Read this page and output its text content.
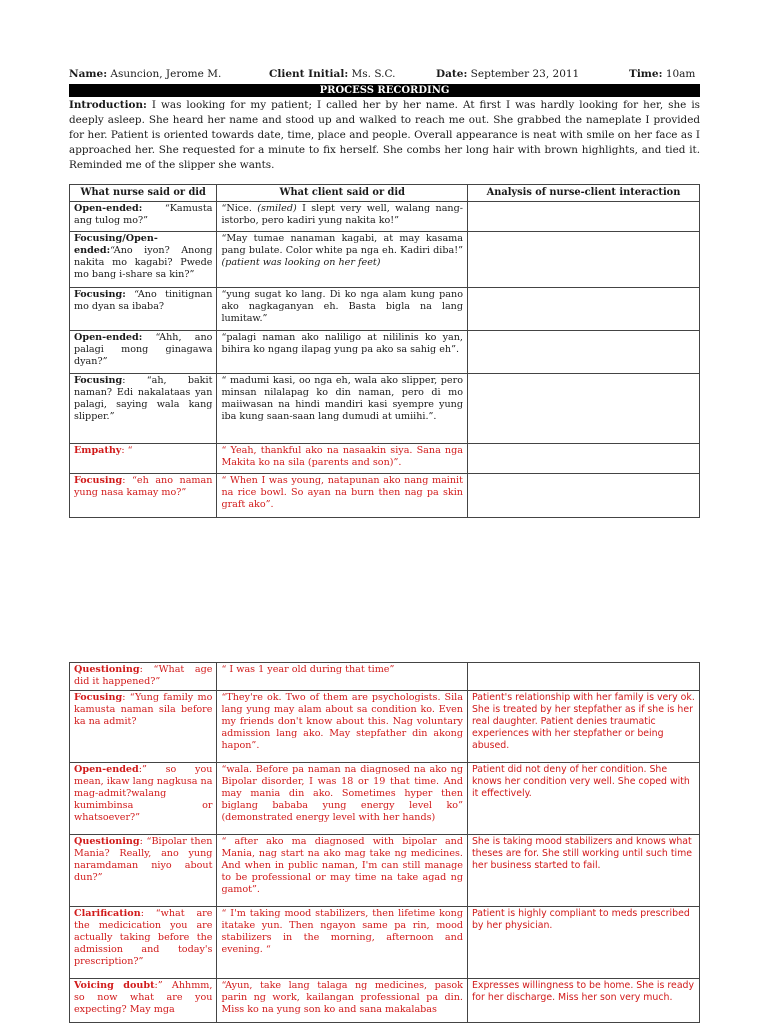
Name: Asuncion, Jerome M.	Client Initial: Ms. S.C.	Date: September 23, 2011	Time: 10am
PROCESS RECORDING
Introduction: I was looking for my patient; I called her by her name. At first I was hardly looking for her, she is deeply asleep. She heard her name and stood up and walked to reach me out. She grabbed the nameplate I provided for her. Patient is oriented towards date, time, place and people. Overall appearance is neat with smile on her face as I approached her. She requested for a minute to fix herself. She combs her long hair with brown highlights, and tied it. Reminded me of the slipper she wants.
What nurse said or did	What client said or did	Analysis of nurse-client interaction
Open-ended: “Kamusta ang tulog mo?”	“Nice. (smiled) I slept very well, walang nang-istorbo, pero kadiri yung nakita ko!”	
Focusing/Open-ended:“Ano iyon? Anong nakita mo kagabi? Pwede mo bang i-share sa kin?”	“May tumae nanaman kagabi, at may kasama pang bulate. Color white pa nga eh. Kadiri diba!” (patient was looking on her feet)	
Focusing: “Ano tinitignan mo dyan sa ibaba?	“yung sugat ko lang. Di ko nga alam kung pano ako nagkaganyan eh. Basta bigla na lang lumitaw.”	
Open-ended: “Ahh, ano palagi mong ginagawa dyan?”	“palagi naman ako naliligo at nililinis ko yan, bihira ko ngang ilapag yung pa ako sa sahig eh”.	
Focusing: “ah, bakit naman? Edi nakalataas yan palagi, saying wala kang slipper.”	“ madumi kasi, oo nga eh, wala ako slipper, pero minsan nilalapag ko din naman, pero di mo maiiwasan na hindi mandiri kasi syempre yung iba kung saan-saan lang dumudi at umiihi.”.	
Empathy: “	“ Yeah, thankful ako na nasaakin siya. Sana nga Makita ko na sila (parents and son)”.	
Focusing: “eh ano naman yung nasa kamay mo?”	“ When I was young, natapunan ako nang mainit na rice bowl. So ayan na burn then nag pa skin graft ako”.	
Questioning: “What age did it happened?”	“ I was 1 year old during that time”	
Focusing: “Yung family mo kamusta naman sila before ka na admit?	“They're ok. Two of them are psychologists. Sila lang yung may alam about sa condition ko. Even my friends don't know about this. Nag voluntary admission lang ako. May stepfather din akong hapon”.	Patient's relationship with her family is very ok. She is treated by her stepfather as if she is her real daughter. Patient denies traumatic experiences with her stepfather or being abused.
Open-ended:” so you mean, ikaw lang nagkusa na mag-admit?walang kumimbinsa or whatsoever?”	“wala. Before pa naman na diagnosed na ako ng Bipolar disorder, I was 18 or 19 that time. And may mania din ako. Sometimes hyper then biglang bababa yung energy level ko” (demonstrated energy level with her hands)	Patient did not deny of her condition. She knows her condition very well. She coped with it effectively.
Questioning: “Bipolar then Mania? Really, ano yung naramdaman niyo about dun?”	“ after ako ma diagnosed with bipolar and Mania, nag start na ako mag take ng medicines. And when in public naman, I'm can still manage to be professional or may time na take agad ng gamot”.	She is taking mood stabilizers and knows what theses are for. She still working until such time her business started to fail.
Clarification: “what are the medicication you are actually taking before the admission and today's prescription?”	“ I'm taking mood stabilizers, then lifetime kong itatake yun. Then ngayon same pa rin, mood stabilizers in the morning, afternoon and evening. “	Patient is highly compliant to meds prescribed by her physician.
Voicing doubt:” Ahhmm, so now what are you expecting? May mga	“Ayun, take lang talaga ng medicines, pasok parin ng work, kailangan professional pa din. Miss ko na yung son ko and sana makalabas	Expresses willingness to be home. She is ready for her discharge. Miss her son very much.
